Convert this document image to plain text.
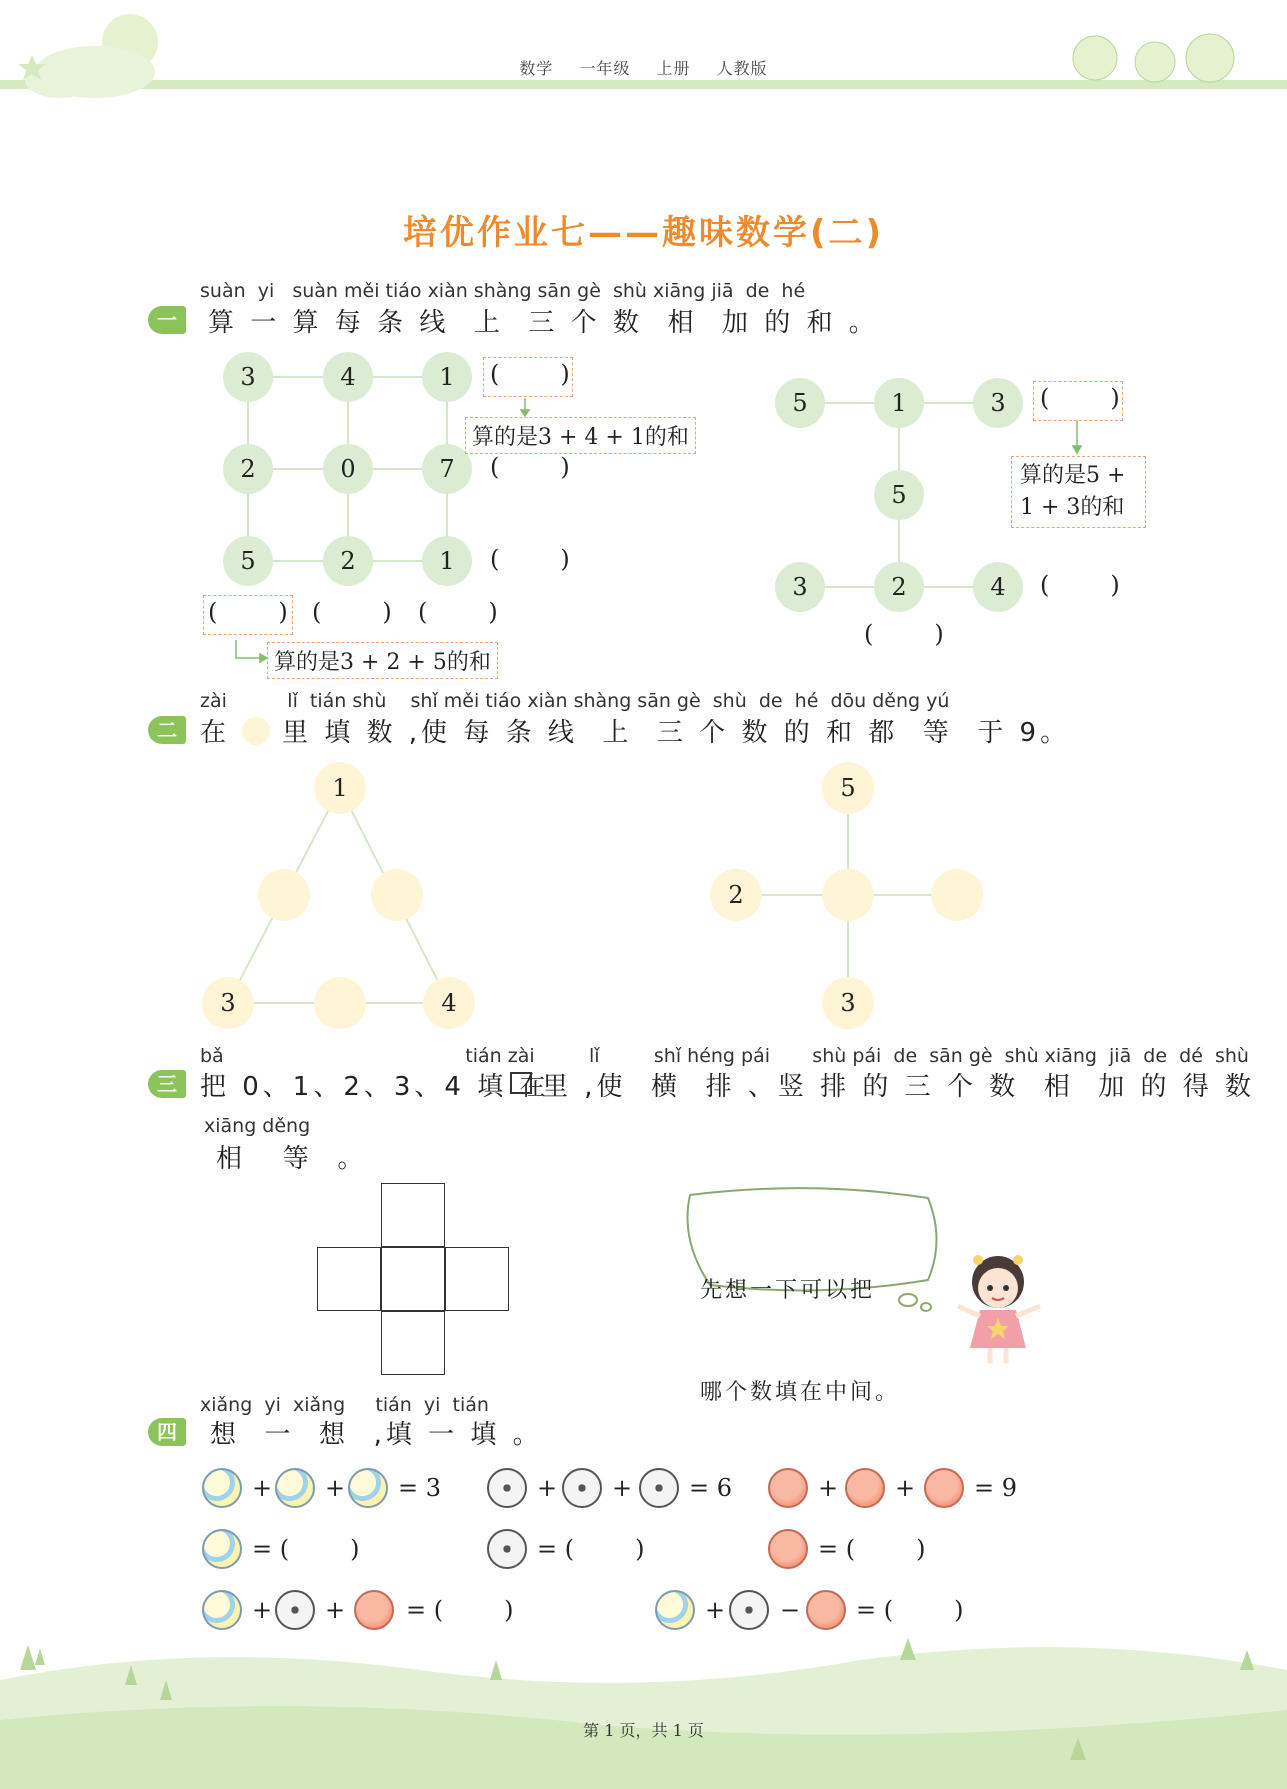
数学 一年级 上册 人教版
培优作业七——趣味数学(二)
suàn  yi   suàn měi tiáo xiàn shàng sān gè  shù xiāng jiā  de  hé
一	算 一 算 每 条 线  上  三 个 数  相  加 的 和 。
3	4	1
2	0	7
5	2	1
(        )
算的是3 + 4 + 1的和
(        )
(        )
(        ) (        ) (        )
算的是3 + 2 + 5的和
5	1	3
5
3	2	4
(        )
算的是5 +
1 + 3的和
(        )
(        )
zài          lǐ  tián shù    shǐ měi tiáo xiàn shàng sān gè  shù  de  hé  dōu děng yú
二 在 里 填 数 ,使 每 条 线  上  三 个 数 的 和 都  等  于 9。
1
3	4
5
2
3
bǎ                                        tián zài         lǐ         shǐ héng pái       shù pái  de  sān gè  shù xiāng  jiā  de  dé  shù
三 把 0、1、2、3、4 填 在
里 ,使  横  排 、竖 排 的 三 个 数  相  加 的 得 数
xiāng děng
相   等  。

先想一下可以把

哪个数填在中间。

xiǎng  yi  xiǎng     tián  yi  tián
四	想  一  想  ,填 一 填 。
+ + = 3	+ + = 6	+ + = 9
= (        )	= (        )	= (        )
+ +	= (        )	+ − = (        )
第 1 页，共 1 页
